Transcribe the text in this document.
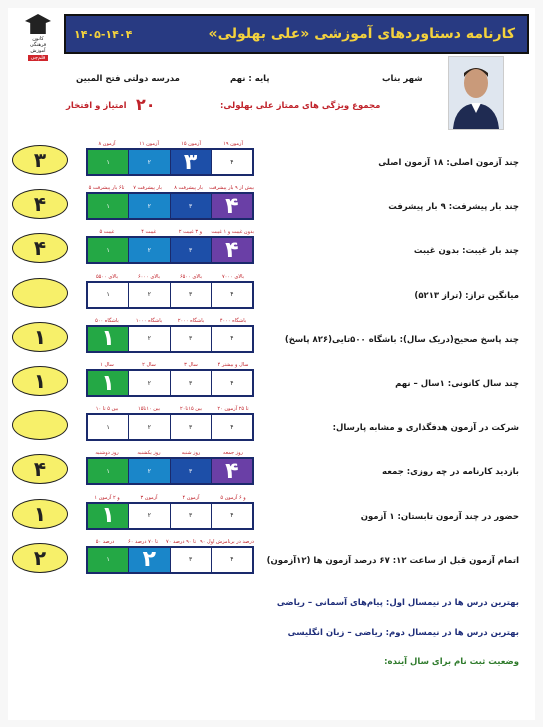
کانون
فرهنگی
آموزش
قلم‌چی
کارنامه دستاوردهای آموزشی «علی بهلولی»
۱۴۰۵-۱۴۰۴
شهر بناب
پایه : نهم
مدرسه دولتی فتح المبین
مجموع ویژگی های ممتاز علی بهلولی:
۲۰
امتیاز و افتخار
۸ آزمون	۱۱ آزمون	۱۵ آزمون	۱۹ آزمون
۱	۲	۳	۴
۳	چند آزمون اصلی: ۱۸ آزمون اصلی
۵ تا۶ بار پیشرفت	۷ بار پیشرفت	۸ بار پیشرفت	بیش از ۹ بار پیشرفت
۱	۲	۳	۴
۴	چند بار پیشرفت: ۹ بار پیشرفت
۵ غیبت	۴ غیبت	۲ و ۳ غیبت	بدون غیبت و ۱ غیبت
۱	۲	۳	۴
۴	چند بار غیبت: بدون غیبت
بالای ۵۵۰۰	بالای ۶۰۰۰	بالای ۶۵۰۰	بالای ۷۰۰۰
۱	۲	۳	۴	میانگین تراز: (تراز ۵۲۱۳)
باشگاه ۵۰۰	باشگاه ۱۰۰۰	باشگاه ۲۰۰۰	باشگاه ۴۰۰۰
۱	۲	۳	۴
۱	چند پاسخ صحیح(دریک سال): باشگاه ۵۰۰تایی(۸۲۶ پاسخ)
۱ سال	۲ سال	۳ سال	۴ سال و بیشتر
۱	۲	۳	۴
۱	چند سال کانونی: ۱سال – نهم
بین ۵ تا ۱۰	بین ۱۰تا۱۵	بین ۱۵تا۲۰	۲۰ تا ۲۵ آزمون
۱	۲	۳	۴	شرکت در آزمون هدفگذاری و مشابه پارسال:
روز دوشنبه	روز یکشنبه	روز شنبه	روز جمعه
۱	۲	۳	۴
۴	بازدید کارنامه در چه روزی: جمعه
۱ و ۲ آزمون	۳ آزمون	۴ آزمون	۵ و ۶ آزمون
۱	۲	۳	۴
۱	حضور در چند آزمون تابستان: ۱ آزمون
۵۰ درصد	۶۰ تا ۷۰ درصد	۷۰ تا ۹۰ درصد ۹۰ درصد در برنامزش اول
۱	۲	۳	۴
۲	اتمام آزمون قبل از ساعت ۱۲: ۶۷ درصد آزمون ها (۱۲آزمون)
بهترین درس ها در نیمسال اول: پیام‌های آسمانی – ریاضی
بهترین درس ها در نیمسال دوم: ریاضی – زبان انگلیسی
وضعیت ثبت نام برای سال آینده:
